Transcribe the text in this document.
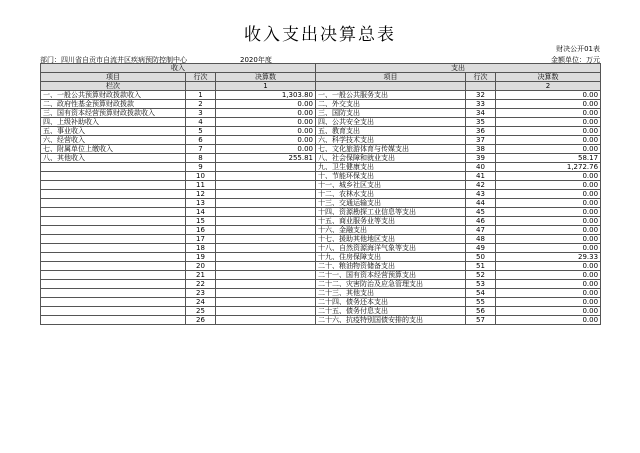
收入支出决算总表
财决公开01表
部门：四川省自贡市自流井区疾病预防控制中心	2020年度	金额单位：万元
收入			支出		
项目	行次	决算数	项目	行次	决算数
栏次		1			2
一、一般公共预算财政拨款收入	1	1,303.80	一、一般公共服务支出	32	0.00
二、政府性基金预算财政拨款	2	0.00	二、外交支出	33	0.00
三、国有资本经营预算财政拨款收入	3	0.00	三、国防支出	34	0.00
四、上级补助收入	4	0.00	四、公共安全支出	35	0.00
五、事业收入	5	0.00	五、教育支出	36	0.00
六、经营收入	6	0.00	六、科学技术支出	37	0.00
七、附属单位上缴收入	7	0.00	七、文化旅游体育与传媒支出	38	0.00
八、其他收入	8	255.81	八、社会保障和就业支出	39	58.17
	9		九、卫生健康支出	40	1,272.76
	10		十、节能环保支出	41	0.00
	11		十一、城乡社区支出	42	0.00
	12		十二、农林水支出	43	0.00
	13		十三、交通运输支出	44	0.00
	14		十四、资源勘探工业信息等支出	45	0.00
	15		十五、商业服务业等支出	46	0.00
	16		十六、金融支出	47	0.00
	17		十七、援助其他地区支出	48	0.00
	18		十八、自然资源海洋气象等支出	49	0.00
	19		十九、住房保障支出	50	29.33
	20		二十、粮油物资储备支出	51	0.00
	21		二十一、国有资本经营预算支出	52	0.00
	22		二十二、灾害防治及应急管理支出	53	0.00
	23		二十三、其他支出	54	0.00
	24		二十四、债务还本支出	55	0.00
	25		二十五、债务付息支出	56	0.00
	26		二十六、抗疫特别国债安排的支出	57	0.00
